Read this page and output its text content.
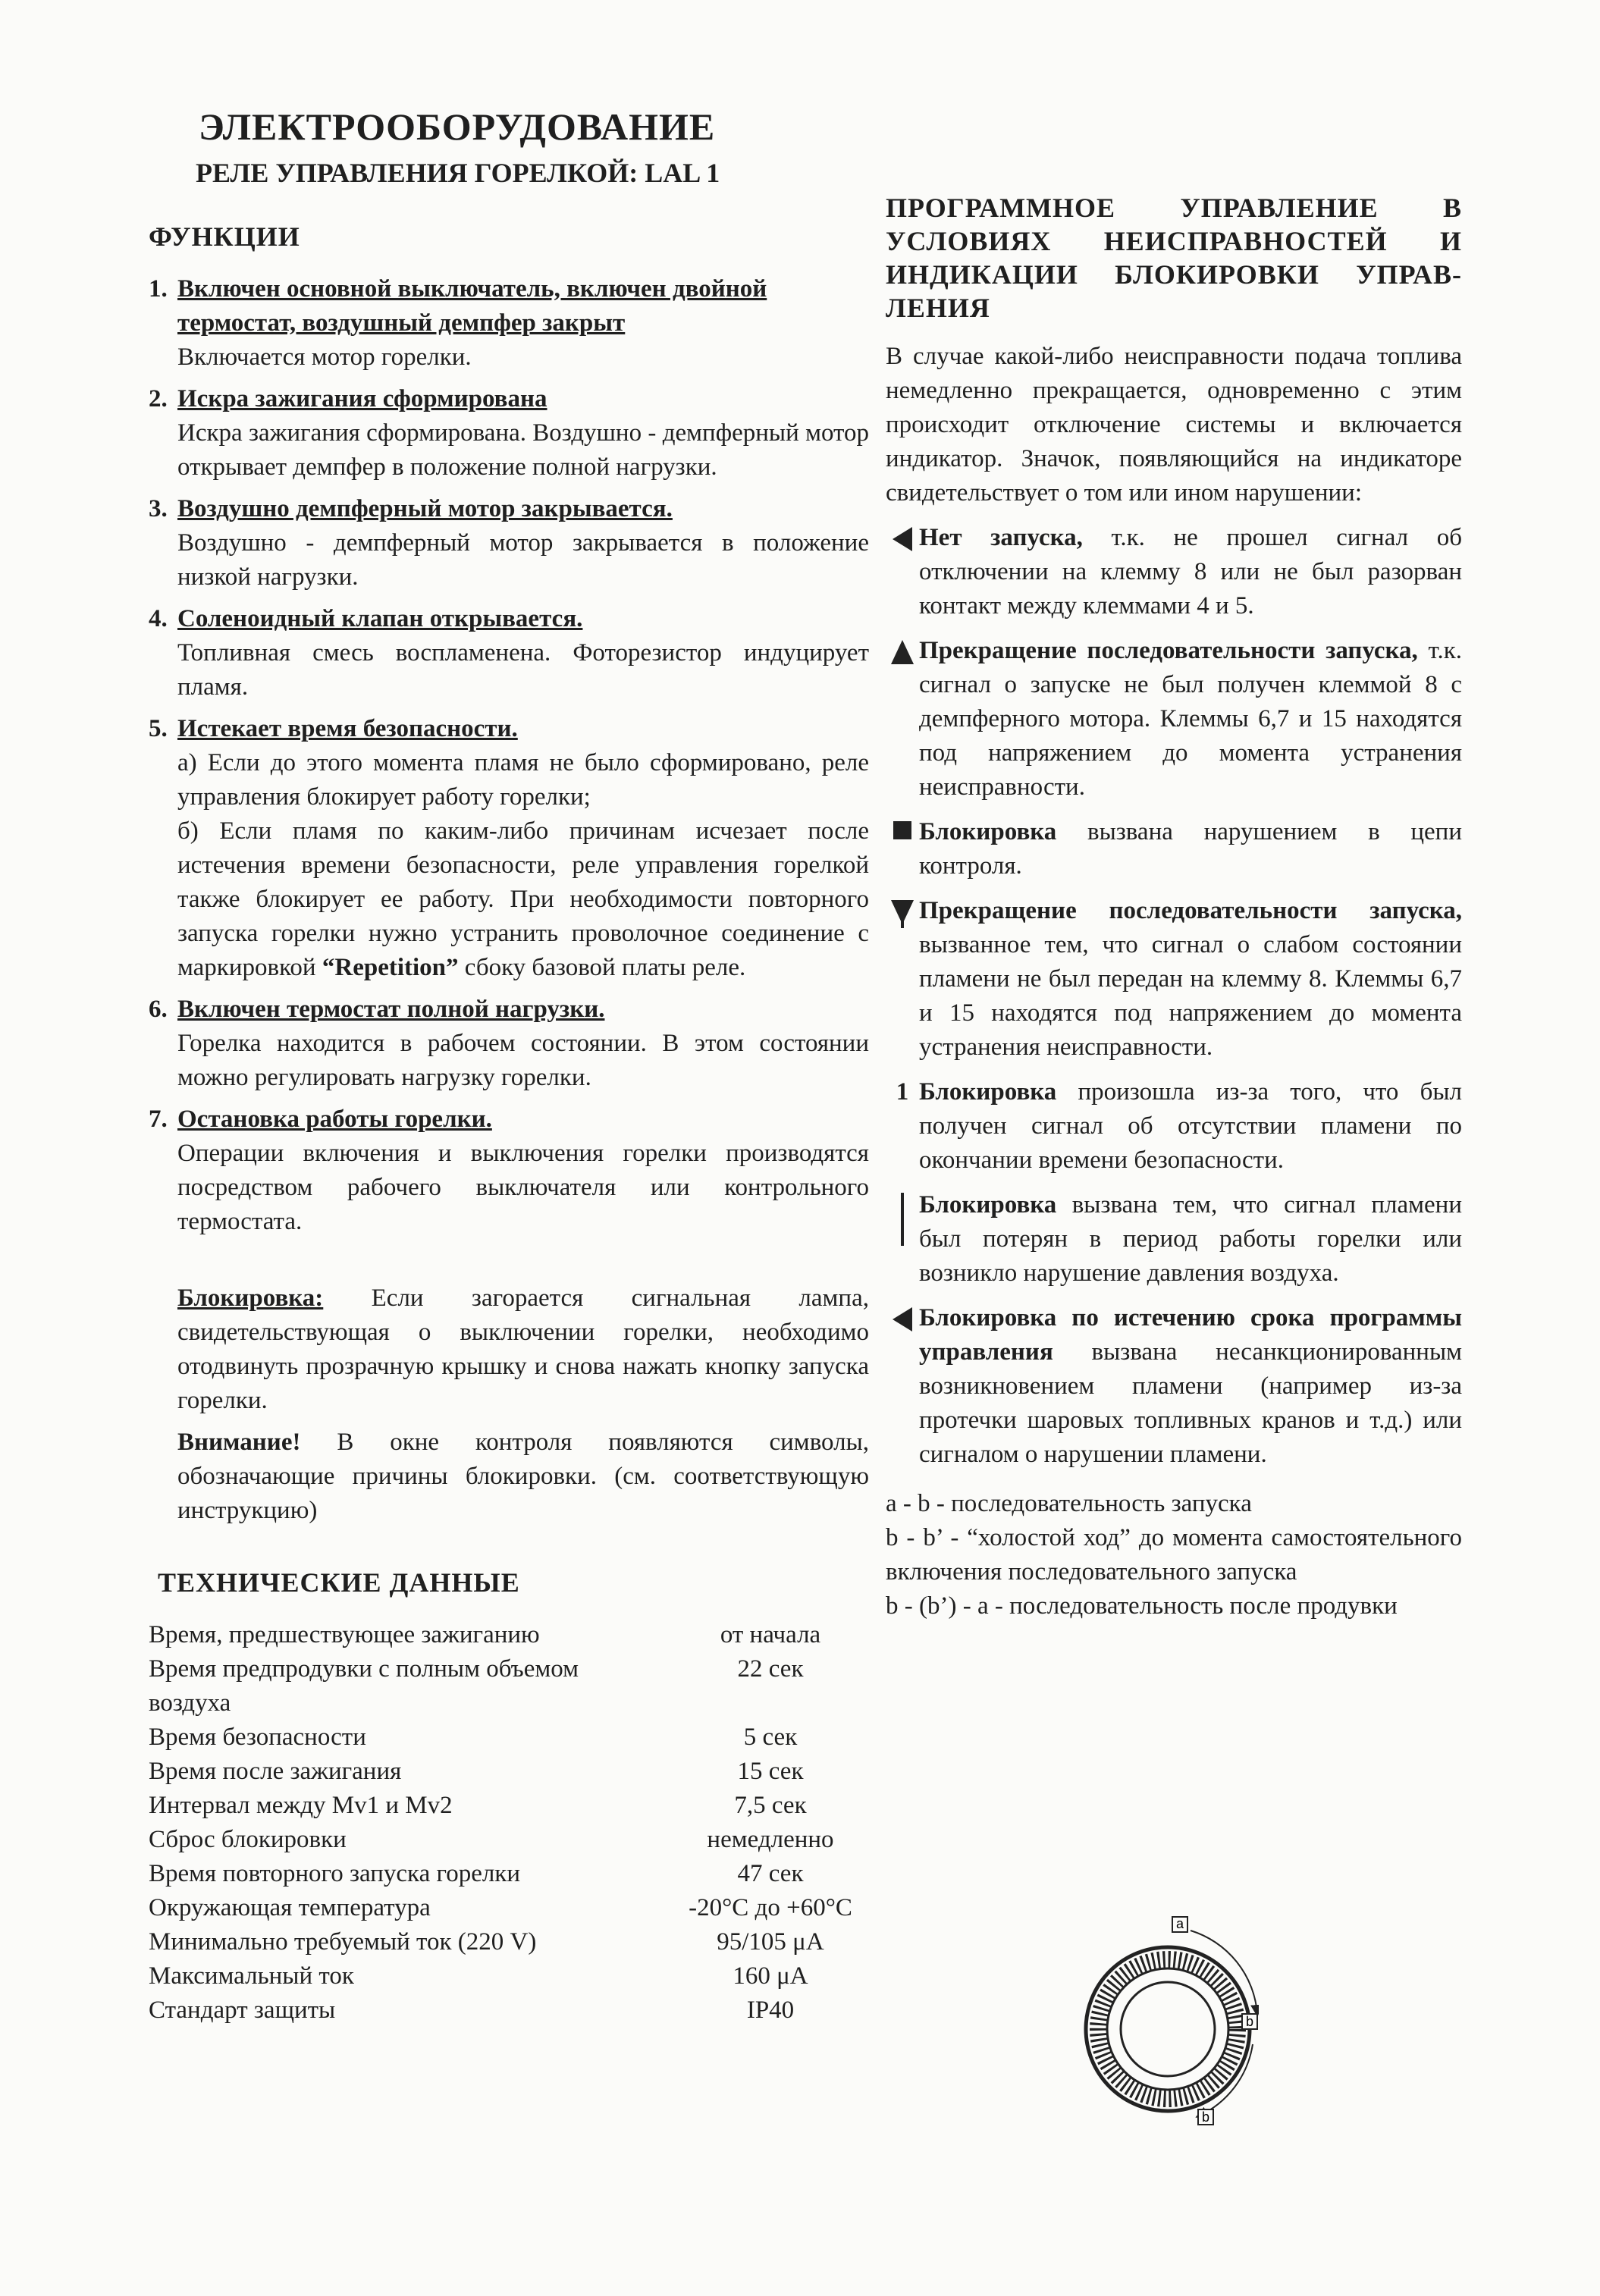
ЭЛЕКТРООБОРУДОВАНИЕ
РЕЛЕ УПРАВЛЕНИЯ ГОРЕЛКОЙ: LAL 1
ФУНКЦИИ
1. Включен основной выключатель, включен двойной термостат, воздушный демпфер закрыт
Включается мотор горелки.
2. Искра зажигания сформирована
Искра зажигания сформирована. Воздушно - демпферный мотор открывает демпфер в положение полной нагрузки.
3. Воздушно демпферный мотор закрывается.
Воздушно - демпферный мотор закрывается в положение низкой нагрузки.
4. Соленоидный клапан открывается.
Топливная смесь воспламенена. Фоторезистор индуцирует пламя.
5. Истекает время безопасности.
а) Если до этого момента пламя не было сформировано, реле управления блокирует работу горелки;
б) Если пламя по каким-либо причинам исчезает после истечения времени безопасности, реле управления горелкой также блокирует ее работу. При необходимости повторного запуска горелки нужно устранить проволочное соединение с маркировкой “Repetition” сбоку базовой платы реле.
6. Включен термостат полной нагрузки.
Горелка находится в рабочем состоянии. В этом состоянии можно регулировать нагрузку горелки.
7. Остановка работы горелки.
Операции включения и выключения горелки производятся посредством рабочего выключателя или контрольного термостата.
Блокировка: Если загорается сигнальная лампа, свидетельствующая о выключении горелки, необходимо отодвинуть прозрачную крышку и снова нажать кнопку запуска горелки.
Внимание! В окне контроля появляются символы, обозначающие причины блокировки. (см. соответствующую инструкцию)
ТЕХНИЧЕСКИЕ ДАННЫЕ
Время, предшествующее зажиганию	от начала
Время предпродувки с полным объемом воздуха	22 сек
Время безопасности	5 сек
Время после зажигания	15 сек
Интервал между Mv1 и Mv2	7,5 сек
Сброс блокировки	немедленно
Время повторного запуска горелки	47 сек
Окружающая температура	-20°С до +60°С
Минимально требуемый ток (220 V)	95/105 μА
Максимальный ток	160 μА
Стандарт защиты	IP40
ПРОГРАММНОЕ УПРАВЛЕНИЕ В
УСЛОВИЯХ НЕИСПРАВНОСТЕЙ И
ИНДИКАЦИИ БЛОКИРОВКИ УПРАВ-
ЛЕНИЯ
В случае какой-либо неисправности подача топлива немедленно прекращается, одновременно с этим происходит отключение системы и включается индикатор. Значок, появляющийся на индикаторе свидетельствует о том или ином нарушении:
Нет запуска, т.к. не прошел сигнал об отключении на клемму 8 или не был разорван контакт между клеммами 4 и 5.
Прекращение последовательности запуска, т.к. сигнал о запуске не был получен клеммой 8 с демпферного мотора. Клеммы 6,7 и 15 находятся под напряжением до момента устранения неисправности.
Блокировка вызвана нарушением в цепи контроля.
Прекращение последовательности запуска, вызванное тем, что сигнал о слабом состоянии пламени не был передан на клемму 8. Клеммы 6,7 и 15 находятся под напряжением до момента устранения неисправности.
1 Блокировка произошла из-за того, что был получен сигнал об отсутствии пламени по окончании времени безопасности.
Блокировка вызвана тем, что сигнал пламени был потерян в период работы горелки или возникло нарушение давления воздуха.
Блокировка по истечению срока программы управления вызвана несанкционированным возникновением пламени (например из-за протечки шаровых топливных кранов и т.д.) или сигналом о нарушении пламени.

a - b - последовательность запуска

b - b’ - “холостой ход” до момента самостоятельного включения последовательного запуска

b - (b’) - a - последовательность после продувки

a
b
b
